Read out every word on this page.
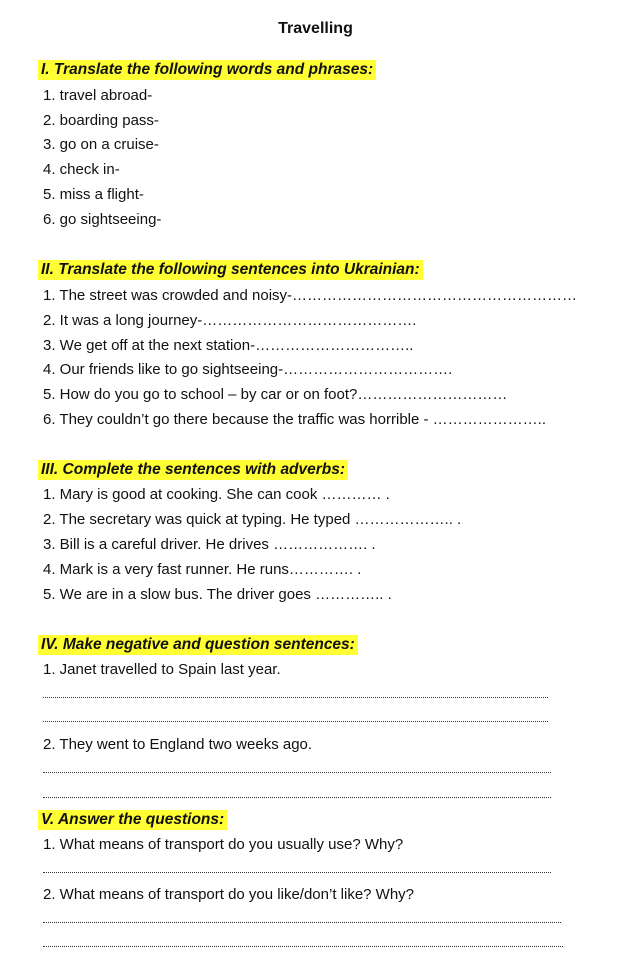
Travelling
I. Translate the following words and phrases:
1. travel abroad-
2. boarding pass-
3. go on a cruise-
4. check in-
5. miss a flight-
6. go sightseeing-
II. Translate the following sentences into Ukrainian:
1. The street was crowded and noisy-…………………………………………………
2. It was a long journey-…………………………………….
3. We get off at the next station-…………………………..
4. Our friends like to go sightseeing-…………………………….
5. How do you go to school – by car or on foot?…………………………
6. They couldn’t go there because the traffic was horrible - …………………..
III. Complete the sentences with adverbs:
1. Mary is good at cooking. She can cook ………… .
2. The secretary was quick at typing. He typed ……………….. .
3. Bill is a careful driver. He drives ………………. .
4. Mark is a very fast runner. He runs…………. .
5. We are in a slow bus. The driver goes ………….. .
IV. Make negative and question sentences:
1. Janet travelled to Spain last year.
2. They went to England two weeks ago.
V. Answer the questions:
1. What means of transport do you usually use? Why?
2. What means of transport do you like/don’t like? Why?
